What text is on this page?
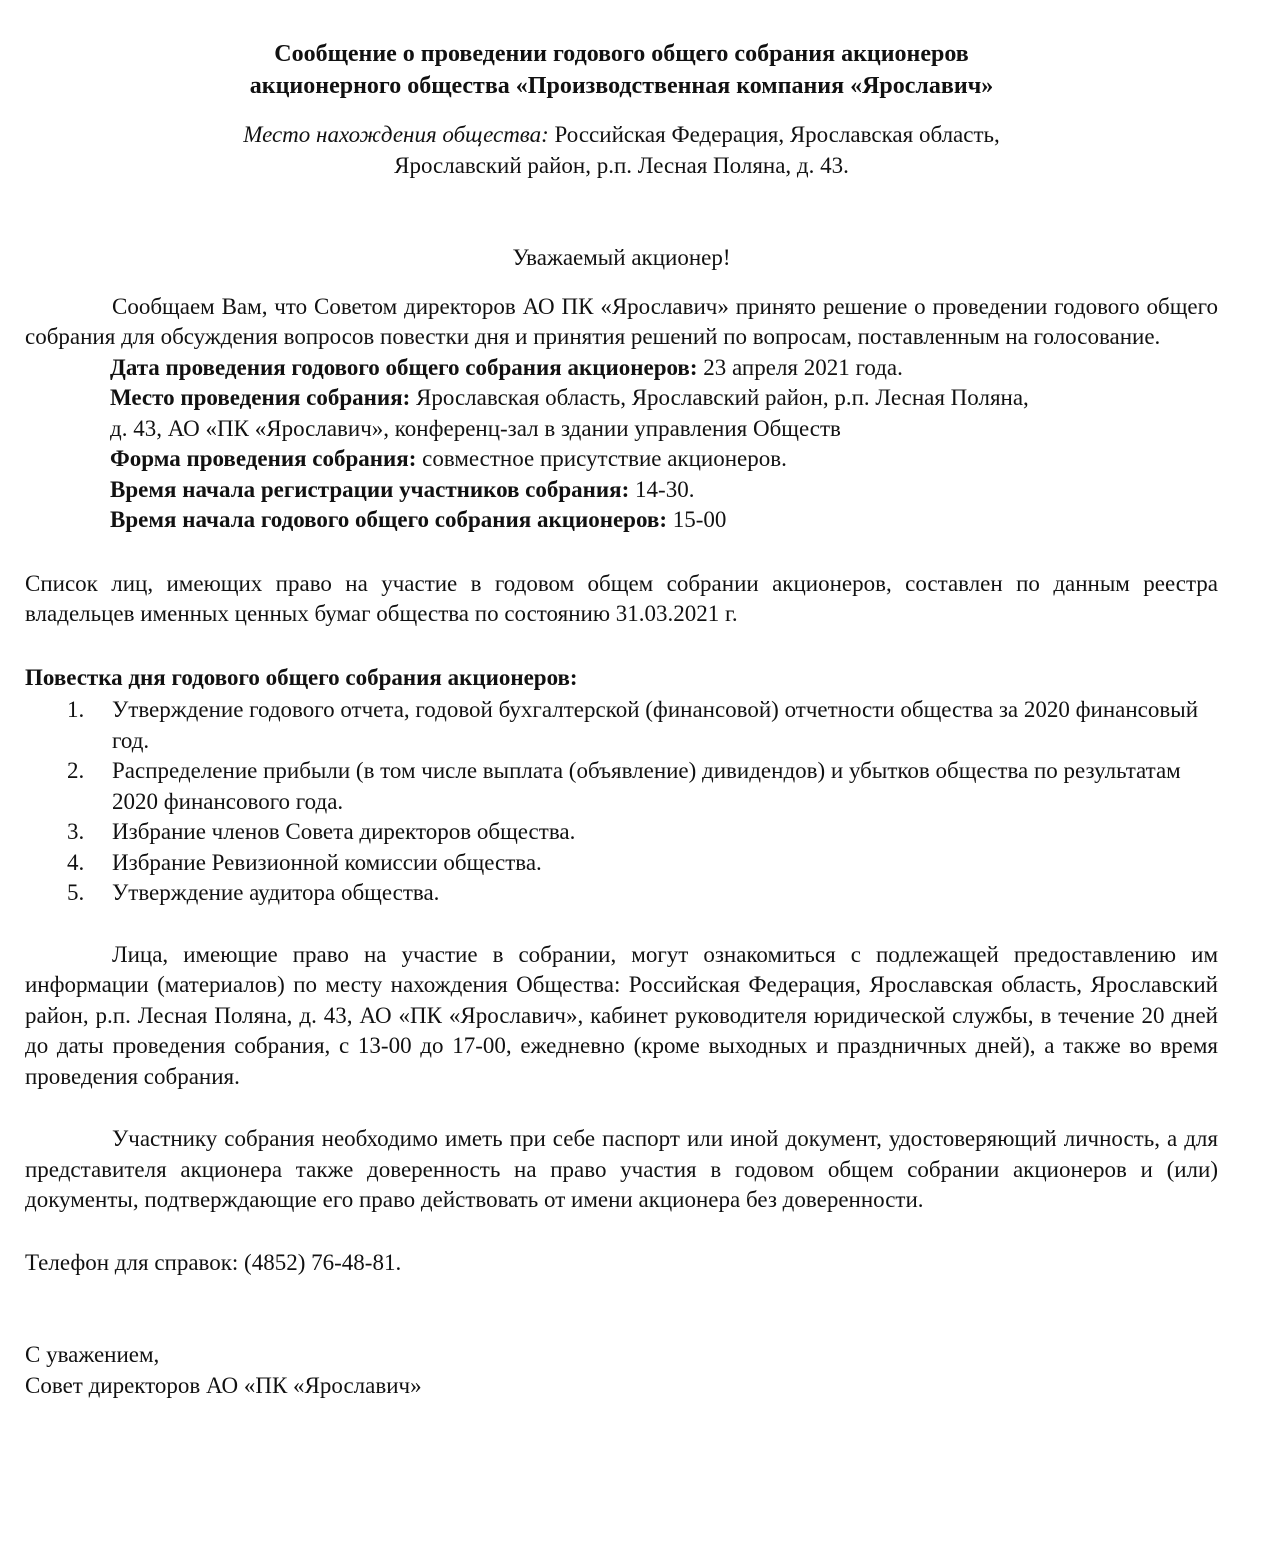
Сообщение о проведении годового общего собрания акционеров
акционерного общества «Производственная компания «Ярославич»

Место нахождения общества: Российская Федерация, Ярославская область,
Ярославский район, р.п. Лесная Поляна, д. 43.

Уважаемый акционер!

Сообщаем Вам, что Советом директоров АО ПК «Ярославич» принято решение о проведении годового общего собрания для обсуждения вопросов повестки дня и принятия решений по вопросам, поставленным на голосование.

Дата проведения годового общего собрания акционеров: 23 апреля 2021 года.

Место проведения собрания: Ярославская область, Ярославский район, р.п. Лесная Поляна,

д. 43, АО «ПК «Ярославич», конференц-зал в здании управления Обществ

Форма проведения собрания: совместное присутствие акционеров.

Время начала регистрации участников собрания: 14-30.

Время начала годового общего собрания акционеров: 15-00

Список лиц, имеющих право на участие в годовом общем собрании акционеров, составлен по данным реестра владельцев именных ценных бумаг общества по состоянию 31.03.2021 г.

Повестка дня годового общего собрания акционеров:

1.	Утверждение годового отчета, годовой бухгалтерской (финансовой) отчетности общества за 2020 финансовый год.
2.	Распределение прибыли (в том числе выплата (объявление) дивидендов) и убытков общества по результатам 2020 финансового года.
3.	Избрание членов Совета директоров общества.
4.	Избрание Ревизионной комиссии общества.
5.	Утверждение аудитора общества.

Лица, имеющие право на участие в собрании, могут ознакомиться с подлежащей предоставлению им информации (материалов) по месту нахождения Общества: Российская Федерация, Ярославская область, Ярославский район, р.п. Лесная Поляна, д. 43, АО «ПК «Ярославич», кабинет руководителя юридической службы, в течение 20 дней до даты проведения собрания, с 13-00 до 17-00, ежедневно (кроме выходных и праздничных дней), а также во время проведения собрания.

Участнику собрания необходимо иметь при себе паспорт или иной документ, удостоверяющий личность, а для представителя акционера также доверенность на право участия в годовом общем собрании акционеров и (или) документы, подтверждающие его право действовать от имени акционера без доверенности.

Телефон для справок: (4852) 76-48-81.

С уважением,

Совет директоров АО «ПК «Ярославич»
